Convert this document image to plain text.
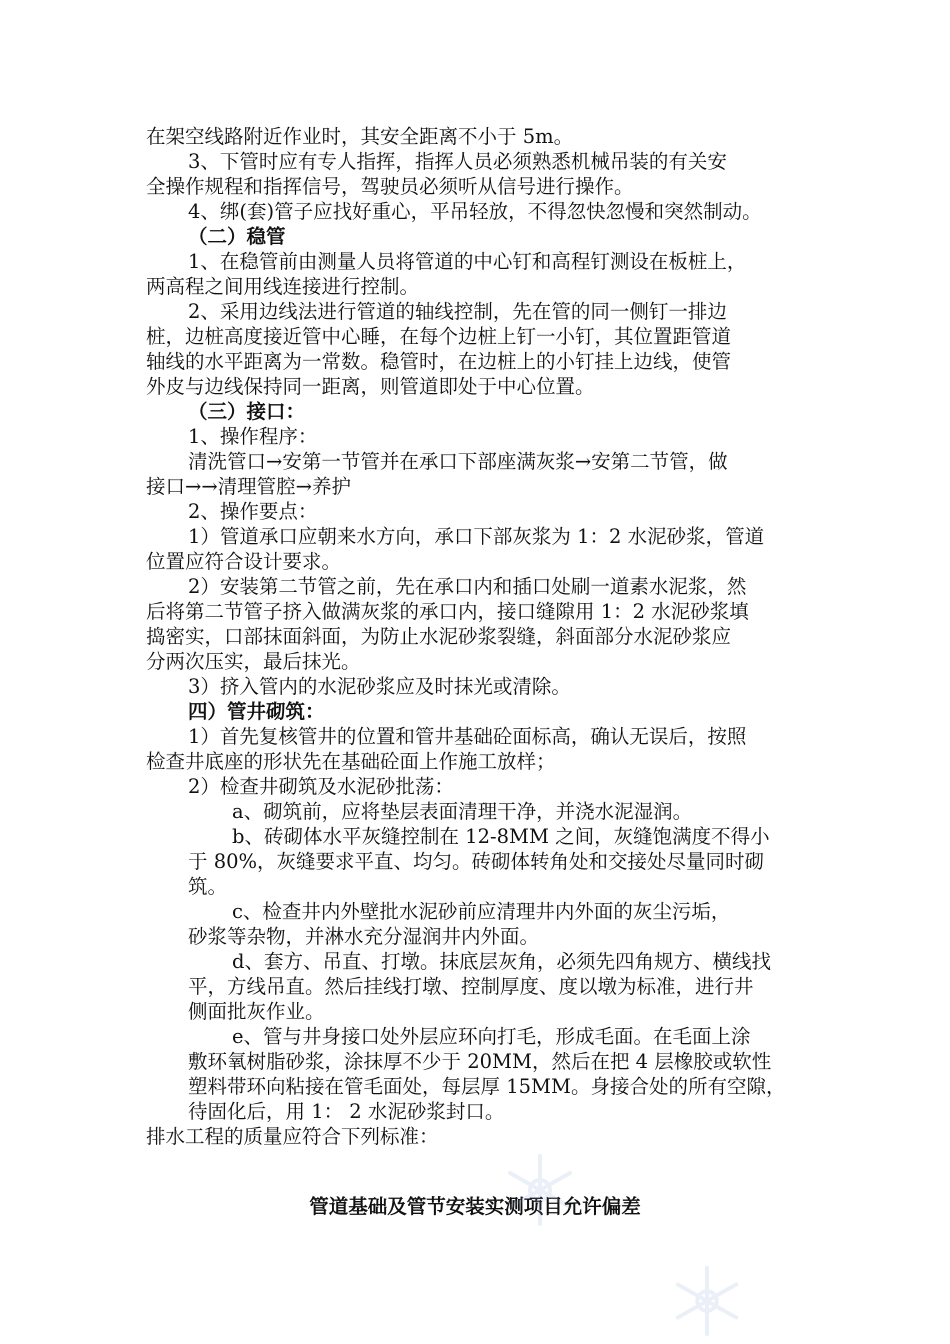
在架空线路附近作业时，其安全距离不小于 5m。
3、下管时应有专人指挥，指挥人员必须熟悉机械吊装的有关安
全操作规程和指挥信号，驾驶员必须听从信号进行操作。
4、绑(套)管子应找好重心，平吊轻放，不得忽快忽慢和突然制动。
（二）稳管
1、在稳管前由测量人员将管道的中心钉和高程钉测设在板桩上，
两高程之间用线连接进行控制。
2、采用边线法进行管道的轴线控制，先在管的同一侧钉一排边
桩，边桩高度接近管中心睡，在每个边桩上钉一小钉，其位置距管道
轴线的水平距离为一常数。稳管时，在边桩上的小钉挂上边线，使管
外皮与边线保持同一距离，则管道即处于中心位置。
（三）接口：
1、操作程序：
清洗管口→安第一节管并在承口下部座满灰浆→安第二节管，做
接口→→清理管腔→养护
2、操作要点：
1）管道承口应朝来水方向，承口下部灰浆为 1：2 水泥砂浆，管道
位置应符合设计要求。
2）安装第二节管之前，先在承口内和插口处刷一道素水泥浆，然
后将第二节管子挤入做满灰浆的承口内，接口缝隙用 1：2 水泥砂浆填
捣密实，口部抹面斜面，为防止水泥砂浆裂缝，斜面部分水泥砂浆应
分两次压实，最后抹光。
3）挤入管内的水泥砂浆应及时抹光或清除。
四）管井砌筑：
1）首先复核管井的位置和管井基础砼面标高，确认无误后，按照
检查井底座的形状先在基础砼面上作施工放样；
2）检查井砌筑及水泥砂批荡：
a、砌筑前，应将垫层表面清理干净，并浇水泥湿润。
b、砖砌体水平灰缝控制在 12-8MM 之间，灰缝饱满度不得小
于 80%，灰缝要求平直、均匀。砖砌体转角处和交接处尽量同时砌
筑。
c、检查井内外壁批水泥砂前应清理井内外面的灰尘污垢，
砂浆等杂物，并淋水充分湿润井内外面。
d、套方、吊直、打墩。抹底层灰角，必须先四角规方、横线找
平，方线吊直。然后挂线打墩、控制厚度、度以墩为标准，进行井
侧面批灰作业。
e、管与井身接口处外层应环向打毛，形成毛面。在毛面上涂
敷环氧树脂砂浆，涂抹厚不少于 20MM，然后在把 4 层橡胶或软性
塑料带环向粘接在管毛面处，每层厚 15MM。身接合处的所有空隙，
待固化后，用 1： 2 水泥砂浆封口。
排水工程的质量应符合下列标准：
管道基础及管节安装实测项目允许偏差
